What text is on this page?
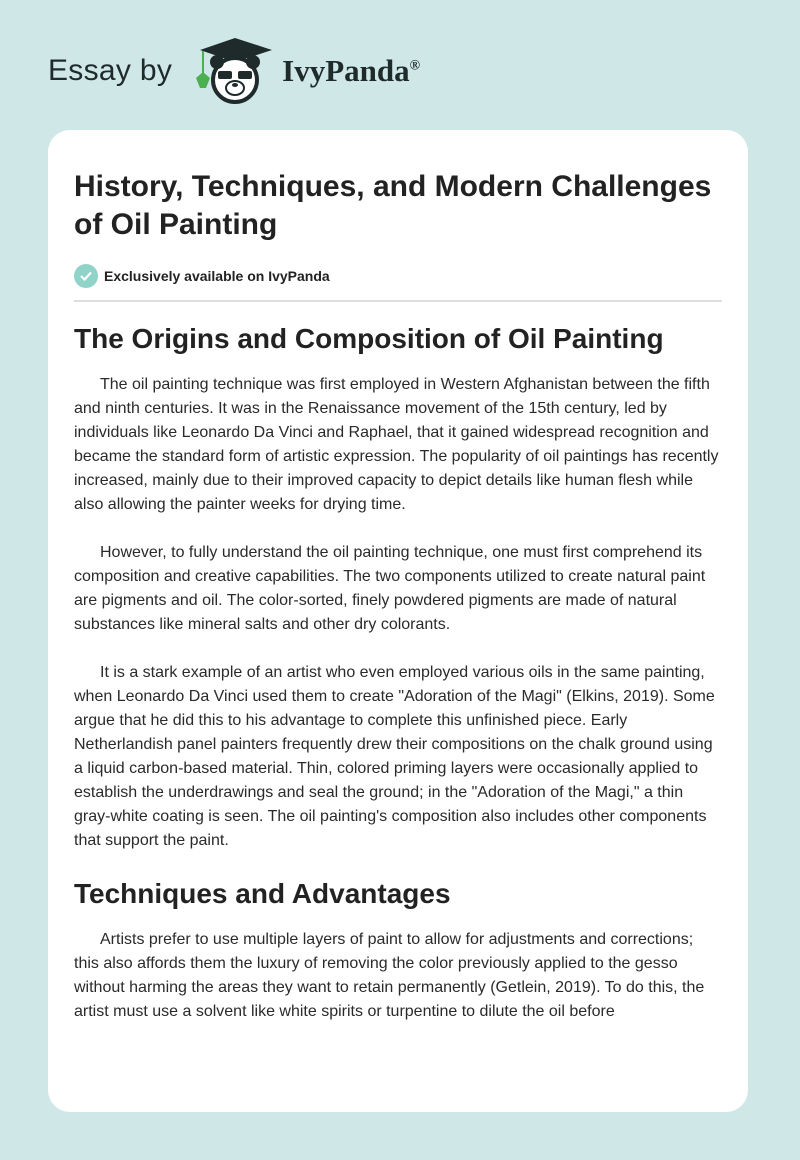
Essay by	IvyPanda®
History, Techniques, and Modern Challenges of Oil Painting
Exclusively available on IvyPanda
The Origins and Composition of Oil Painting

The oil painting technique was first employed in Western Afghanistan between the fifth and ninth centuries. It was in the Renaissance movement of the 15th century, led by individuals like Leonardo Da Vinci and Raphael, that it gained widespread recognition and became the standard form of artistic expression. The popularity of oil paintings has recently increased, mainly due to their improved capacity to depict details like human flesh while also allowing the painter weeks for drying time.

However, to fully understand the oil painting technique, one must first comprehend its composition and creative capabilities. The two components utilized to create natural paint are pigments and oil. The color-sorted, finely powdered pigments are made of natural substances like mineral salts and other dry colorants.

It is a stark example of an artist who even employed various oils in the same painting, when Leonardo Da Vinci used them to create "Adoration of the Magi" (Elkins, 2019). Some argue that he did this to his advantage to complete this unfinished piece. Early Netherlandish panel painters frequently drew their compositions on the chalk ground using a liquid carbon-based material. Thin, colored priming layers were occasionally applied to establish the underdrawings and seal the ground; in the "Adoration of the Magi," a thin gray-white coating is seen. The oil painting's composition also includes other components that support the paint.

Techniques and Advantages

Artists prefer to use multiple layers of paint to allow for adjustments and corrections; this also affords them the luxury of removing the color previously applied to the gesso without harming the areas they want to retain permanently (Getlein, 2019). To do this, the artist must use a solvent like white spirits or turpentine to dilute the oil before
